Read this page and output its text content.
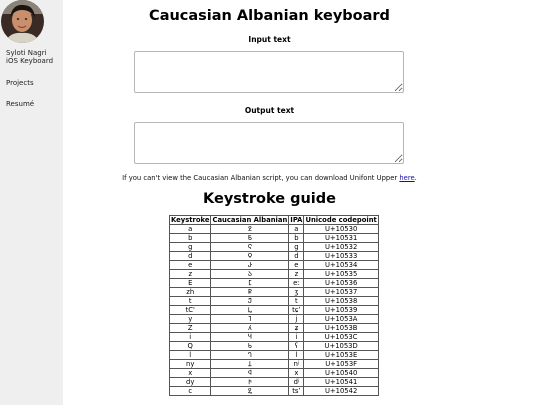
Syloti Nagri
iOS Keyboard
Projects
Resumé
Caucasian Albanian keyboard
Input text
Output text
If you can't view the Caucasian Albanian script, you can download Unifont Upper here.
Keystroke guide
Keystroke	Caucasian Albanian	IPA	Unicode codepoint
a	𐔰	a	U+10530
b	𐔱	b	U+10531
g	𐔲	g	U+10532
d	𐔳	d	U+10533
e	𐔴	e	U+10534
z	𐔵	z	U+10535
E	𐔶	eː	U+10536
zh	𐔷	ʒ	U+10537
t	𐔸	t	U+10538
tC'	𐔹	tɕʼ	U+10539
y	𐔺	j	U+1053A
Z	𐔻	ʑ	U+1053B
i	𐔼	i	U+1053C
Q	𐔽	ʕ	U+1053D
l	𐔾	l	U+1053E
ny	𐔿	nʲ	U+1053F
x	𐕀	x	U+10540
dy	𐕁	dʲ	U+10541
c	𐕂	tsʼ	U+10542
